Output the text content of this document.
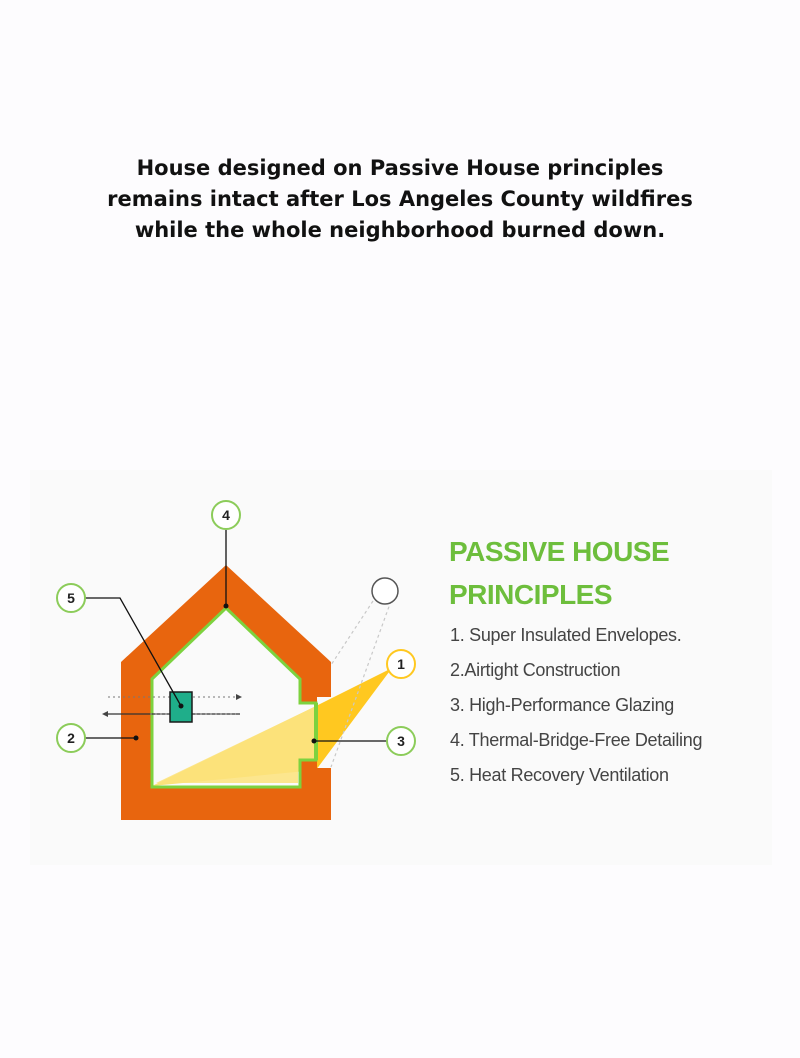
House designed on Passive House principles
remains intact after Los Angeles County wildfires
while the whole neighborhood burned down.
4
5
2	3
1
PASSIVE HOUSE
PRINCIPLES
1. Super Insulated Envelopes.
2.Airtight Construction
3. High-Performance Glazing
4. Thermal-Bridge-Free Detailing
5. Heat Recovery Ventilation
